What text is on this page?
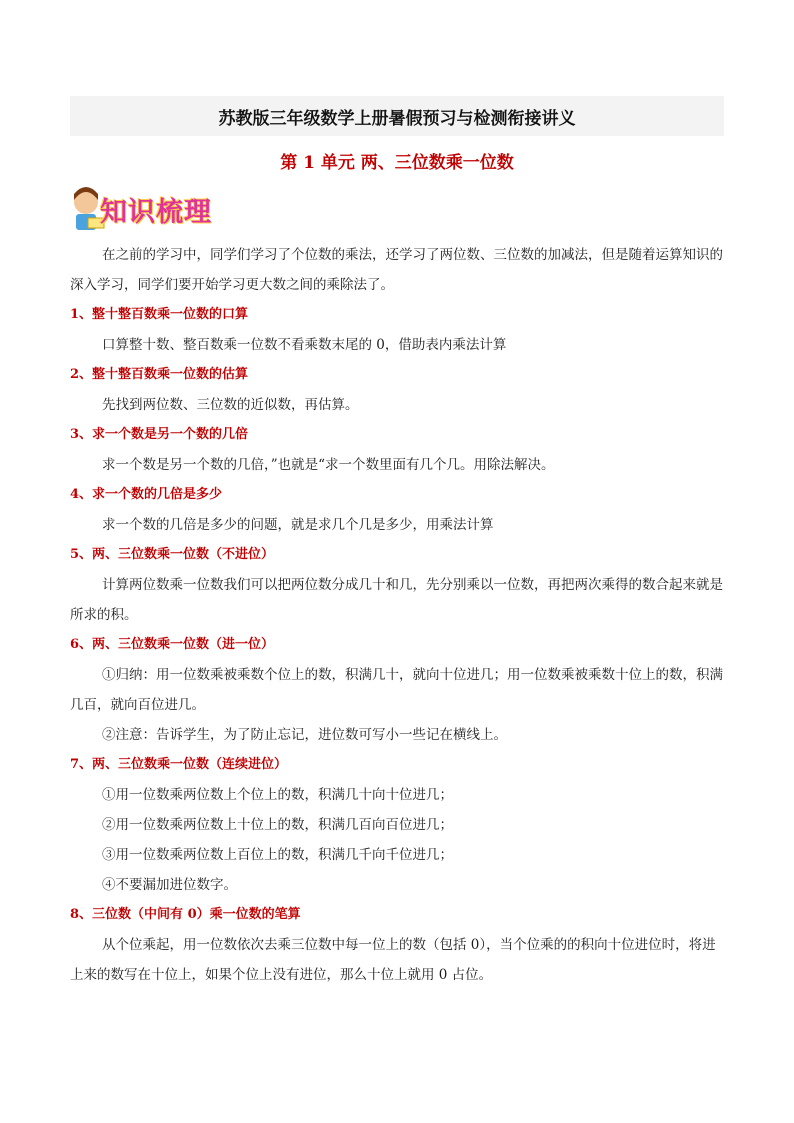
苏教版三年级数学上册暑假预习与检测衔接讲义
第 1 单元 两、三位数乘一位数
知识梳理

在之前的学习中，同学们学习了个位数的乘法，还学习了两位数、三位数的加减法，但是随着运算知识的深入学习，同学们要开始学习更大数之间的乘除法了。

1、整十整百数乘一位数的口算

口算整十数、整百数乘一位数不看乘数末尾的 0，借助表内乘法计算

2、整十整百数乘一位数的估算

先找到两位数、三位数的近似数，再估算。

3、求一个数是另一个数的几倍

求一个数是另一个数的几倍，”也就是“求一个数里面有几个几。用除法解决。

4、求一个数的几倍是多少

求一个数的几倍是多少的问题，就是求几个几是多少，用乘法计算

5、两、三位数乘一位数（不进位）

计算两位数乘一位数我们可以把两位数分成几十和几，先分别乘以一位数，再把两次乘得的数合起来就是所求的积。

6、两、三位数乘一位数（进一位）

①归纳：用一位数乘被乘数个位上的数，积满几十，就向十位进几；用一位数乘被乘数十位上的数，积满几百，就向百位进几。

②注意：告诉学生，为了防止忘记，进位数可写小一些记在横线上。

7、两、三位数乘一位数（连续进位）

①用一位数乘两位数上个位上的数，积满几十向十位进几；

②用一位数乘两位数上十位上的数，积满几百向百位进几；

③用一位数乘两位数上百位上的数，积满几千向千位进几；

④不要漏加进位数字。

8、三位数（中间有 0）乘一位数的笔算

从个位乘起，用一位数依次去乘三位数中每一位上的数（包括 0），当个位乘的的积向十位进位时，将进上来的数写在十位上，如果个位上没有进位，那么十位上就用 0 占位。
